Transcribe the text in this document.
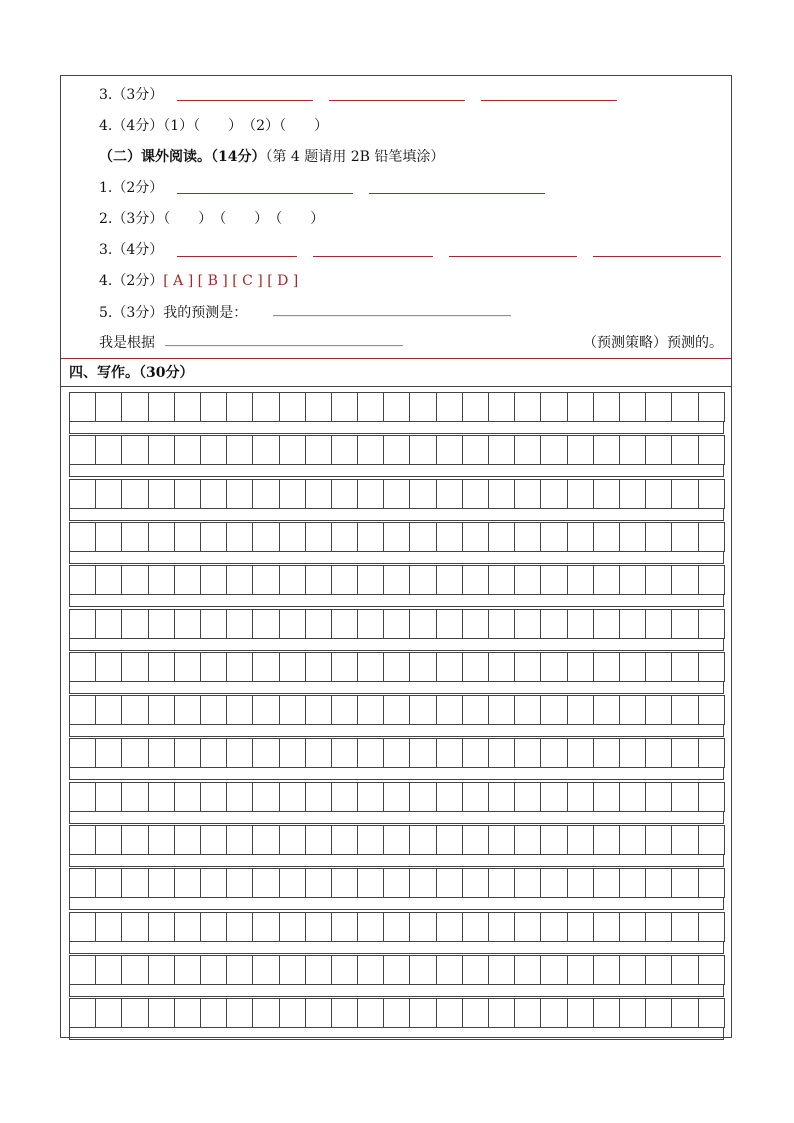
3.（3分）
4.（4分）（1）（　　）　（2）（　　）
（二）课外阅读。（14分）（第 4 题请用 2B 铅笔填涂）
1.（2分）
2.（3分）（　　）　（　　）　（　　）
3.（4分）
4.（2分）[ A ] [ B ] [ C ] [ D ]
5.（3分）我的预测是： __________________________________
我是根据 __________________________________	（预测策略）预测的。
四、写作。（30分）
